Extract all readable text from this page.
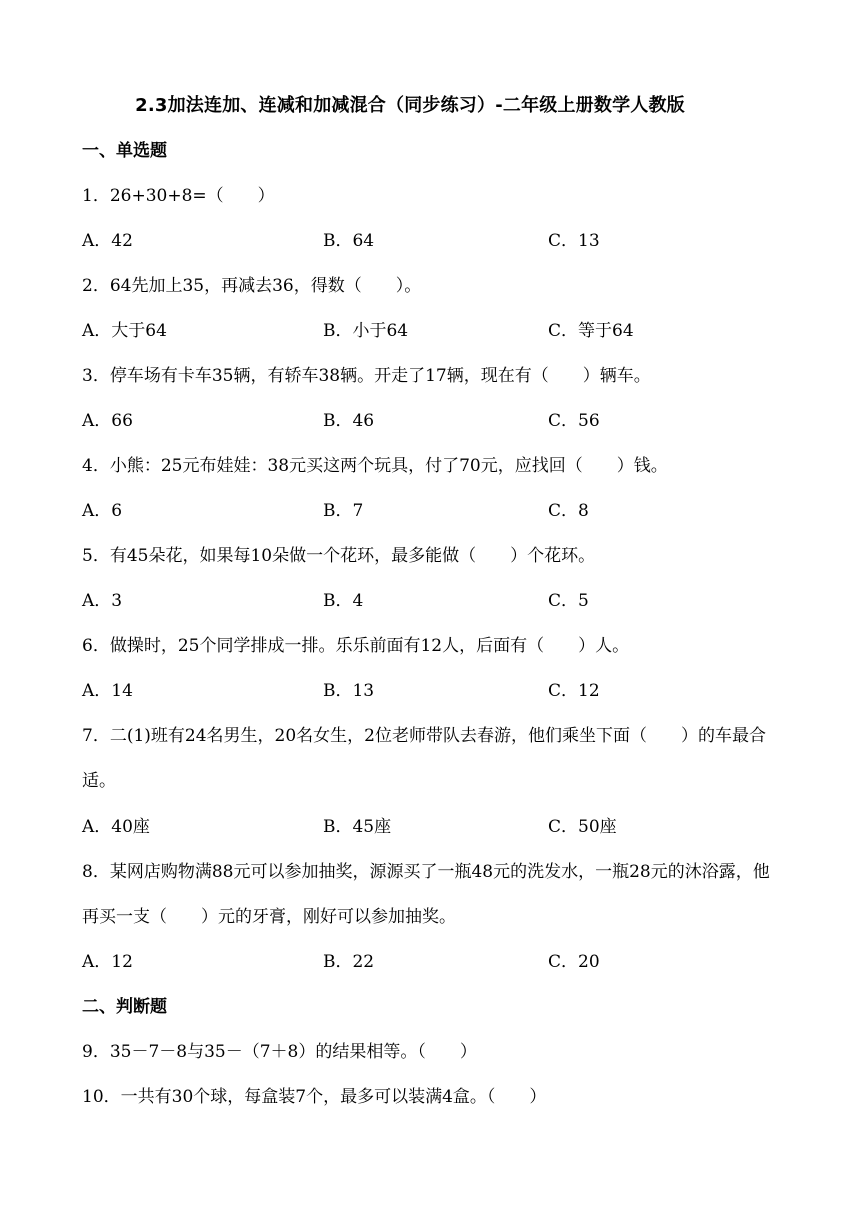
2.3加法连加、连减和加减混合（同步练习）-二年级上册数学人教版
一、单选题
1．26+30+8=（　　）
A．42	B．64	C．13
2．64先加上35，再减去36，得数（　　）。
A．大于64	B．小于64	C．等于64
3．停车场有卡车35辆，有轿车38辆。开走了17辆，现在有（　　）辆车。
A．66	B．46	C．56
4．小熊：25元布娃娃：38元买这两个玩具，付了70元，应找回（　　）钱。
A．6	B．7	C．8
5．有45朵花，如果每10朵做一个花环，最多能做（　　）个花环。
A．3	B．4	C．5
6．做操时，25个同学排成一排。乐乐前面有12人，后面有（　　）人。
A．14	B．13	C．12
7．二(1)班有24名男生，20名女生，2位老师带队去春游，他们乘坐下面（　　）的车最合适。
A．40座	B．45座	C．50座
8．某网店购物满88元可以参加抽奖，源源买了一瓶48元的洗发水，一瓶28元的沐浴露，他再买一支（　　）元的牙膏，刚好可以参加抽奖。
A．12	B．22	C．20
二、判断题
9．35－7－8与35－（7＋8）的结果相等。（　　）
10．一共有30个球，每盒装7个，最多可以装满4盒。（　　）
